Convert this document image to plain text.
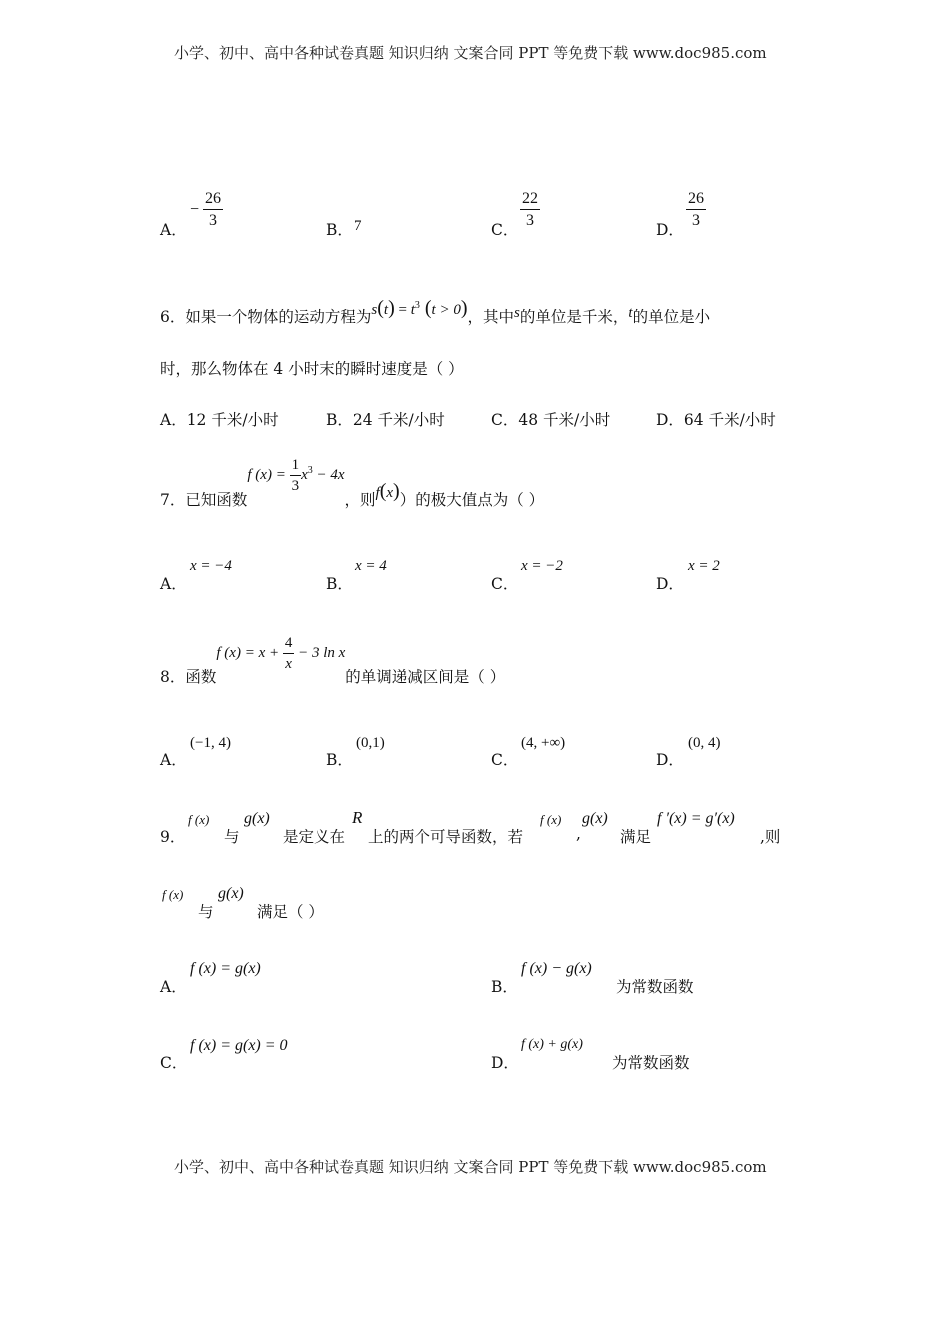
小学、初中、高中各种试卷真题 知识归纳 文案合同 PPT 等免费下载 www.doc985.com
A．
− $\frac{26}{3}$
B． 7	C．
$\frac{22}{3}$
D．
$\frac{26}{3}$
6．如果一个物体的运动方程为$s(t) = t^3$ (t > 0)，其中s的单位是千米，t的单位是小
时，那么物体在 4 小时末的瞬时速度是（ ）
A．12 千米/小时	B．24 千米/小时	C．48 千米/小时	D．64 千米/小时
7．已知函数f $(x) = \frac{1}{3} x^3 - 4x$，则f(x)）的极大值点为（ ）
A．
x = −4
B．
x = 4
C．
x = −2
D．
x = 2
8．函数f $(x) = x + \frac{4}{x} - 3$ ln x的单调递减区间是（ ）
A．
(−1, 4)
B．
(0,1)
C．
(4, +∞)
D．
(0, 4)
9．
f (x)
与
g(x)
是定义在
R
上的两个可导函数，若
f (x)
,
g(x)
满足
f ′(x) = g′(x)
,则
f (x)
与
g(x)
满足（ ）
A．
f (x) = g(x)
B．
f (x) − g(x)
为常数函数
C．
f (x) = g(x) = 0
D．
f (x) + g(x)
为常数函数
小学、初中、高中各种试卷真题 知识归纳 文案合同 PPT 等免费下载 www.doc985.com
